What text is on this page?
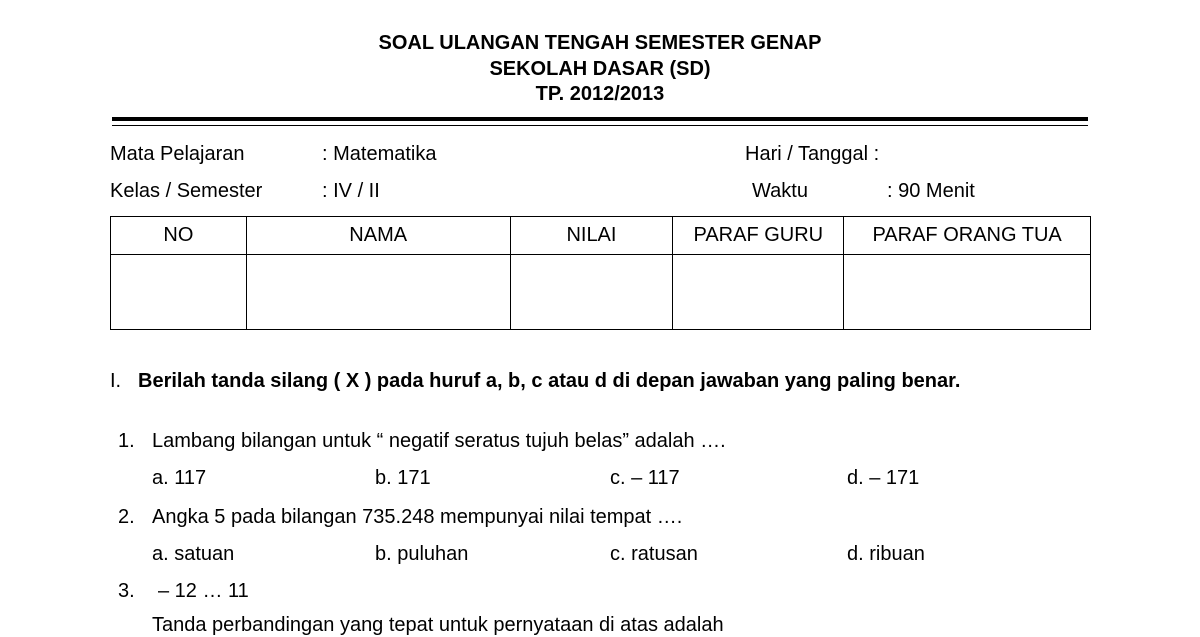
SOAL ULANGAN TENGAH SEMESTER GENAP
SEKOLAH DASAR (SD)
TP. 2012/2013
Mata Pelajaran	: Matematika	Hari / Tanggal :
Kelas / Semester	: IV / II	Waktu	: 90 Menit
NO	NAMA	NILAI	PARAF GURU	PARAF ORANG TUA

I. Berilah tanda silang ( X ) pada huruf a, b, c atau d di depan jawaban yang paling benar.
1. Lambang bilangan untuk “ negatif seratus tujuh belas” adalah ….
a. 117	b. 171	c. – 117	d. – 171
2. Angka 5 pada bilangan 735.248 mempunyai nilai tempat ….
a. satuan	b. puluhan	c. ratusan	d. ribuan
3. – 12 … 11
Tanda perbandingan yang tepat untuk pernyataan di atas adalah
